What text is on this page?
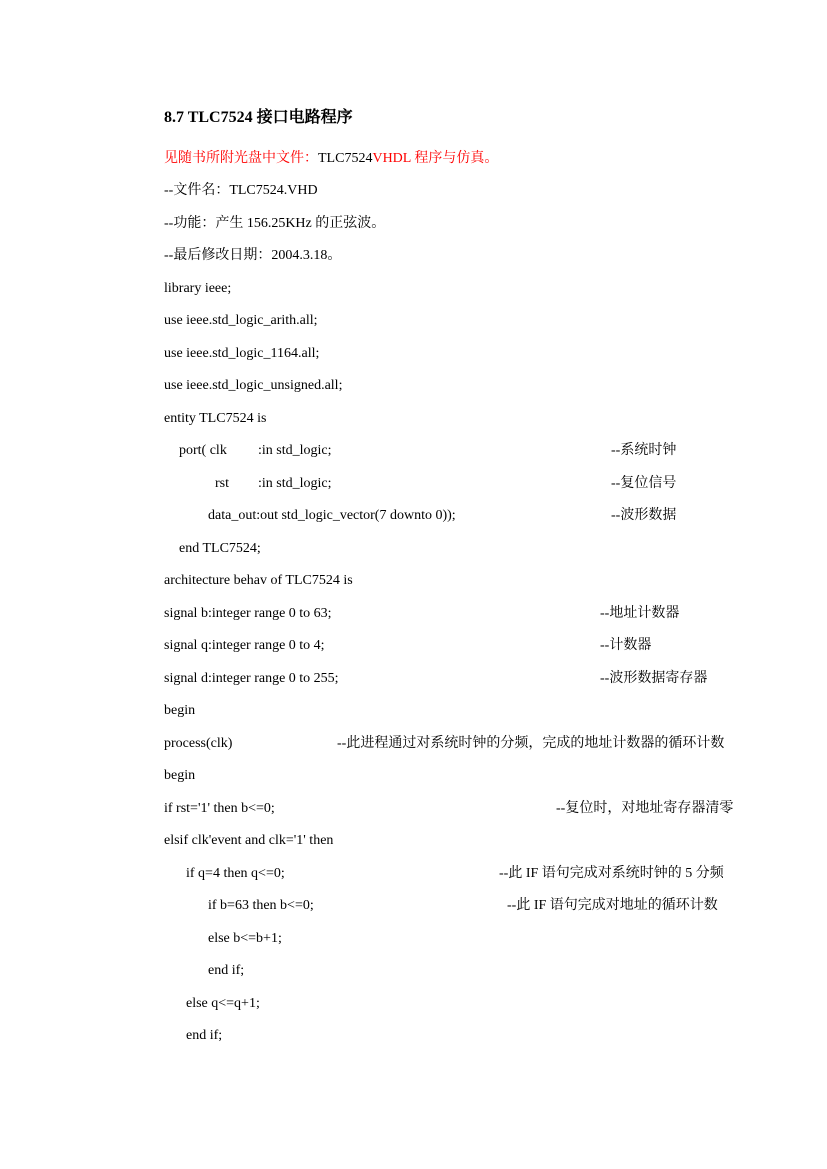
8.7 TLC7524 接口电路程序
见随书所附光盘中文件：TLC7524VHDL 程序与仿真。
--文件名：TLC7524.VHD
--功能：产生 156.25KHz 的正弦波。
--最后修改日期：2004.3.18。
library ieee;
use ieee.std_logic_arith.all;
use ieee.std_logic_1164.all;
use ieee.std_logic_unsigned.all;
entity TLC7524 is
port( clk :in std_logic;	--系统时钟
rst :in std_logic;	--复位信号
data_out:out std_logic_vector(7 downto 0));	--波形数据
end TLC7524;
architecture behav of TLC7524 is
signal b:integer range 0 to 63;	--地址计数器
signal q:integer range 0 to 4;	--计数器
signal d:integer range 0 to 255;	--波形数据寄存器
begin
process(clk)	--此进程通过对系统时钟的分频，完成的地址计数器的循环计数
begin
if rst='1' then b<=0;	--复位时，对地址寄存器清零
elsif clk'event and clk='1' then
if q=4 then q<=0;	--此 IF 语句完成对系统时钟的 5 分频
if b=63 then b<=0;	--此 IF 语句完成对地址的循环计数
else b<=b+1;
end if;
else q<=q+1;
end if;
